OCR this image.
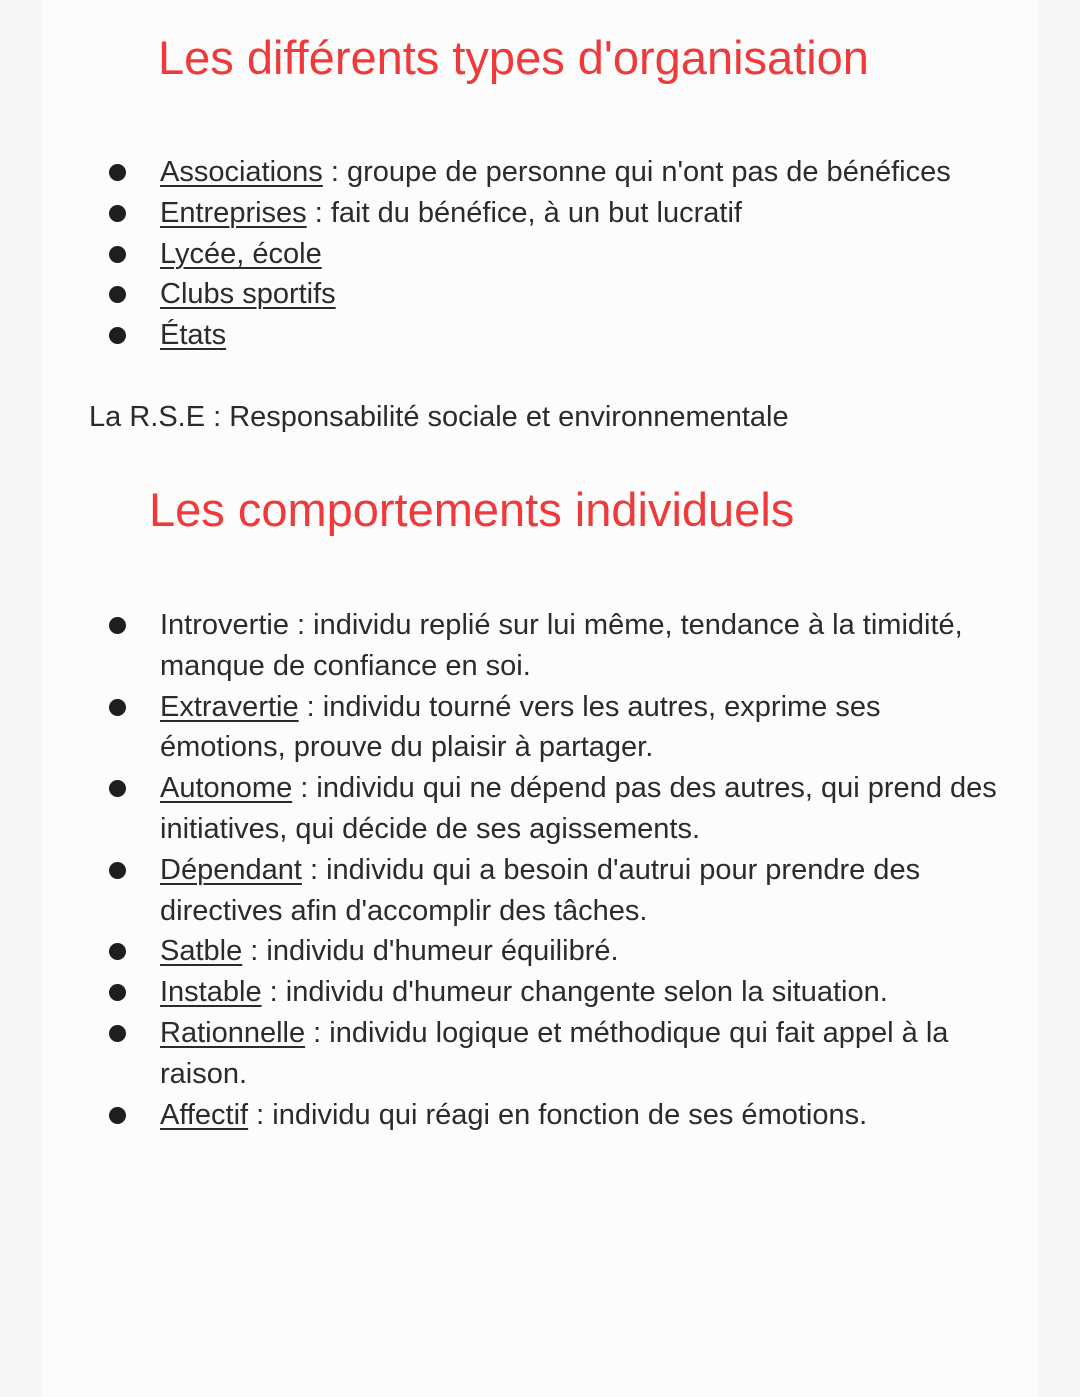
Les différents types d'organisation
Associations : groupe de personne qui n'ont pas de bénéfices
Entreprises : fait du bénéfice, à un but lucratif
Lycée, école
Clubs sportifs
États

La R.S.E : Responsabilité sociale et environnementale

Les comportements individuels
Introvertie : individu replié sur lui même, tendance à la timidité, manque de confiance en soi.
Extravertie : individu tourné vers les autres, exprime ses émotions, prouve du plaisir à partager.
Autonome : individu qui ne dépend pas des autres, qui prend des initiatives, qui décide de ses agissements.
Dépendant : individu qui a besoin d'autrui pour prendre des directives afin d'accomplir des tâches.
Satble : individu d'humeur équilibré.
Instable : individu d'humeur changente selon la situation.
Rationnelle : individu logique et méthodique qui fait appel à la raison.
Affectif : individu qui réagi en fonction de ses émotions.
